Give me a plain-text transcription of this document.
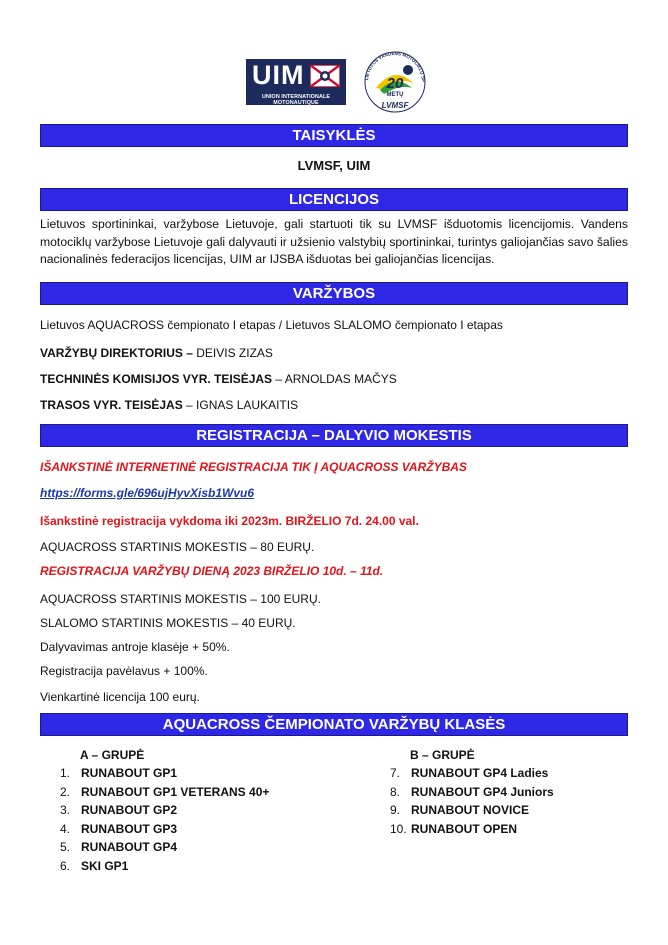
UIM
UNION INTERNATIONALE MOTONAUTIQUE
LIETUVOS VANDENS MOTOCIKLŲ SP
20
METŲ
LVMSF
TAISYKLĖS
LVMSF, UIM
LICENCIJOS
Lietuvos sportininkai, varžybose Lietuvoje, gali startuoti tik su LVMSF išduotomis licencijomis. Vandens motociklų varžybose Lietuvoje gali dalyvauti ir užsienio valstybių sportininkai, turintys galiojančias savo šalies nacionalinės federacijos licencijas, UIM ar IJSBA išduotas bei galiojančias licencijas.
VARŽYBOS
Lietuvos AQUACROSS čempionato I etapas / Lietuvos SLALOMO čempionato I etapas
VARŽYBŲ DIREKTORIUS – DEIVIS ZIZAS
TECHNINĖS KOMISIJOS VYR. TEISĖJAS – ARNOLDAS MAČYS
TRASOS VYR. TEISĖJAS – IGNAS LAUKAITIS
REGISTRACIJA – DALYVIO MOKESTIS
IŠANKSTINĖ INTERNETINĖ REGISTRACIJA TIK Į AQUACROSS VARŽYBAS
https://forms.gle/696ujHyvXisb1Wvu6
Išankstinė registracija vykdoma iki 2023m. BIRŽELIO 7d. 24.00 val.
AQUACROSS STARTINIS MOKESTIS – 80 EURŲ.
REGISTRACIJA VARŽYBŲ DIENĄ 2023 BIRŽELIO 10d. – 11d.
AQUACROSS STARTINIS MOKESTIS – 100 EURŲ.
SLALOMO STARTINIS MOKESTIS – 40 EURŲ.
Dalyvavimas antroje klasėje + 50%.
Registracija pavėlavus + 100%.
Vienkartinė licencija 100 eurų.
AQUACROSS ČEMPIONATO VARŽYBŲ KLASĖS
A – GRUPĖ
1. RUNABOUT GP1
2. RUNABOUT GP1 VETERANS 40+
3. RUNABOUT GP2
4. RUNABOUT GP3
5. RUNABOUT GP4
6. SKI GP1
B – GRUPĖ
7. RUNABOUT GP4 Ladies
8. RUNABOUT GP4 Juniors
9. RUNABOUT NOVICE
10. RUNABOUT OPEN
